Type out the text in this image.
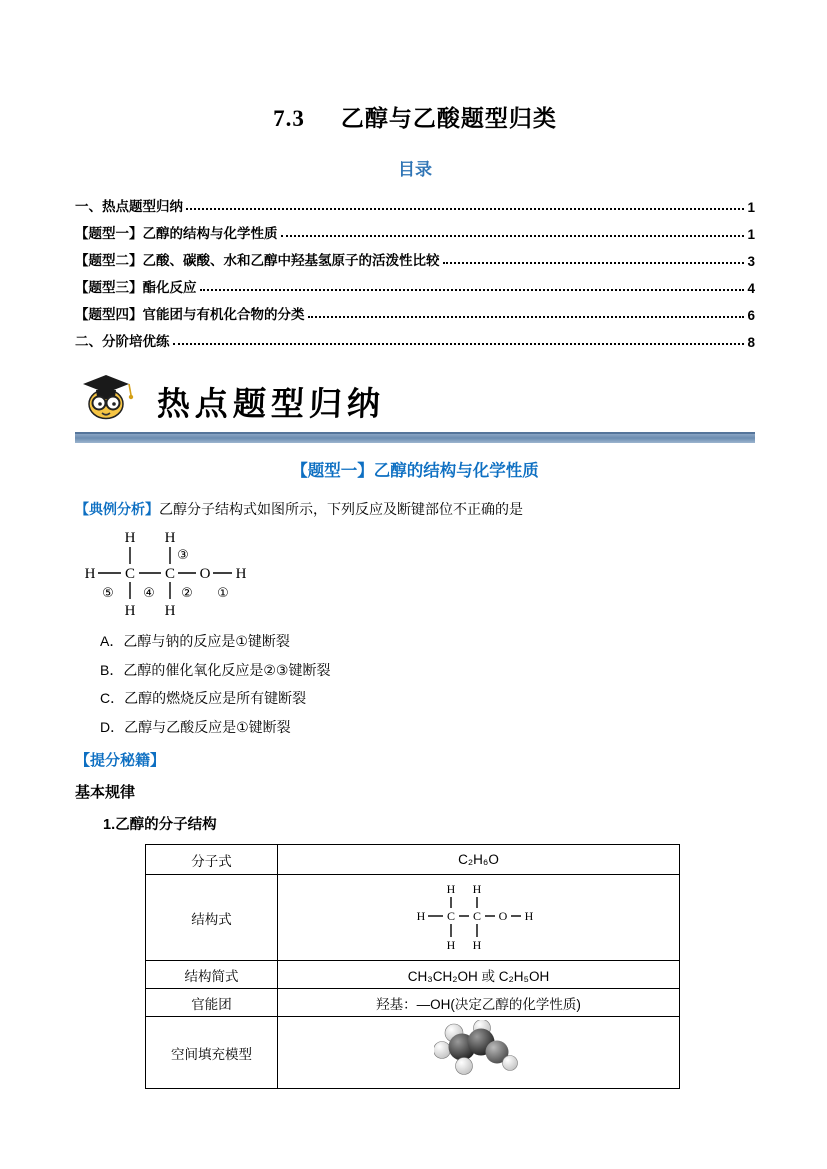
7.3 乙醇与乙酸题型归类
目录
一、热点题型归纳	1
【题型一】乙醇的结构与化学性质	1
【题型二】乙酸、碳酸、水和乙醇中羟基氢原子的活泼性比较	3
【题型三】酯化反应	4
【题型四】官能团与有机化合物的分类	6
二、分阶培优练	8
热点题型归纳
【题型一】乙醇的结构与化学性质
【典例分析】乙醇分子结构式如图所示，下列反应及断键部位不正确的是
H H
H C C O H
H H
③
⑤ ④ ② ①
A．乙醇与钠的反应是①键断裂
B．乙醇的催化氧化反应是②③键断裂
C．乙醇的燃烧反应是所有键断裂
D．乙醇与乙酸反应是①键断裂
【提分秘籍】
基本规律
1.乙醇的分子结构
分子式	C₂H₆O
结构式	
H H
H C C O H
H H

结构简式	CH₃CH₂OH 或 C₂H₅OH
官能团	羟基：—OH(决定乙醇的化学性质)
空间填充模型	
